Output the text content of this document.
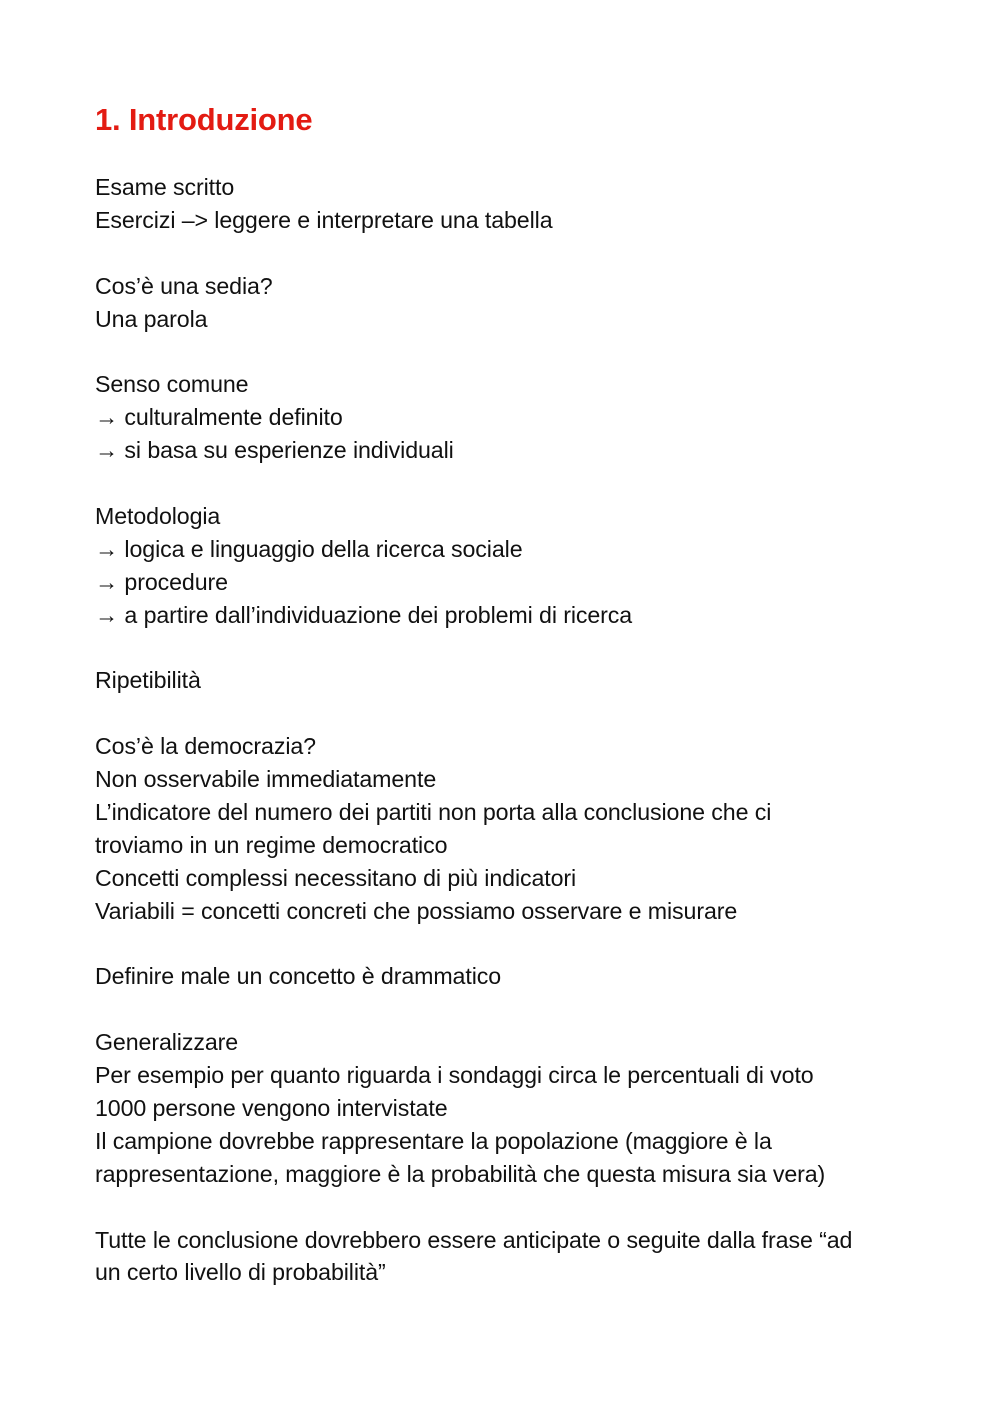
1. Introduzione
Esame scritto
Esercizi –> leggere e interpretare una tabella
Cos’è una sedia?
Una parola
Senso comune
→ culturalmente definito
→ si basa su esperienze individuali
Metodologia
→ logica e linguaggio della ricerca sociale
→ procedure
→ a partire dall’individuazione dei problemi di ricerca
Ripetibilità
Cos’è la democrazia?
Non osservabile immediatamente
L’indicatore del numero dei partiti non porta alla conclusione che ci
troviamo in un regime democratico
Concetti complessi necessitano di più indicatori
Variabili = concetti concreti che possiamo osservare e misurare
Definire male un concetto è drammatico
Generalizzare
Per esempio per quanto riguarda i sondaggi circa le percentuali di voto
1000 persone vengono intervistate
Il campione dovrebbe rappresentare la popolazione (maggiore è la
rappresentazione, maggiore è la probabilità che questa misura sia vera)
Tutte le conclusione dovrebbero essere anticipate o seguite dalla frase “ad
un certo livello di probabilità”
